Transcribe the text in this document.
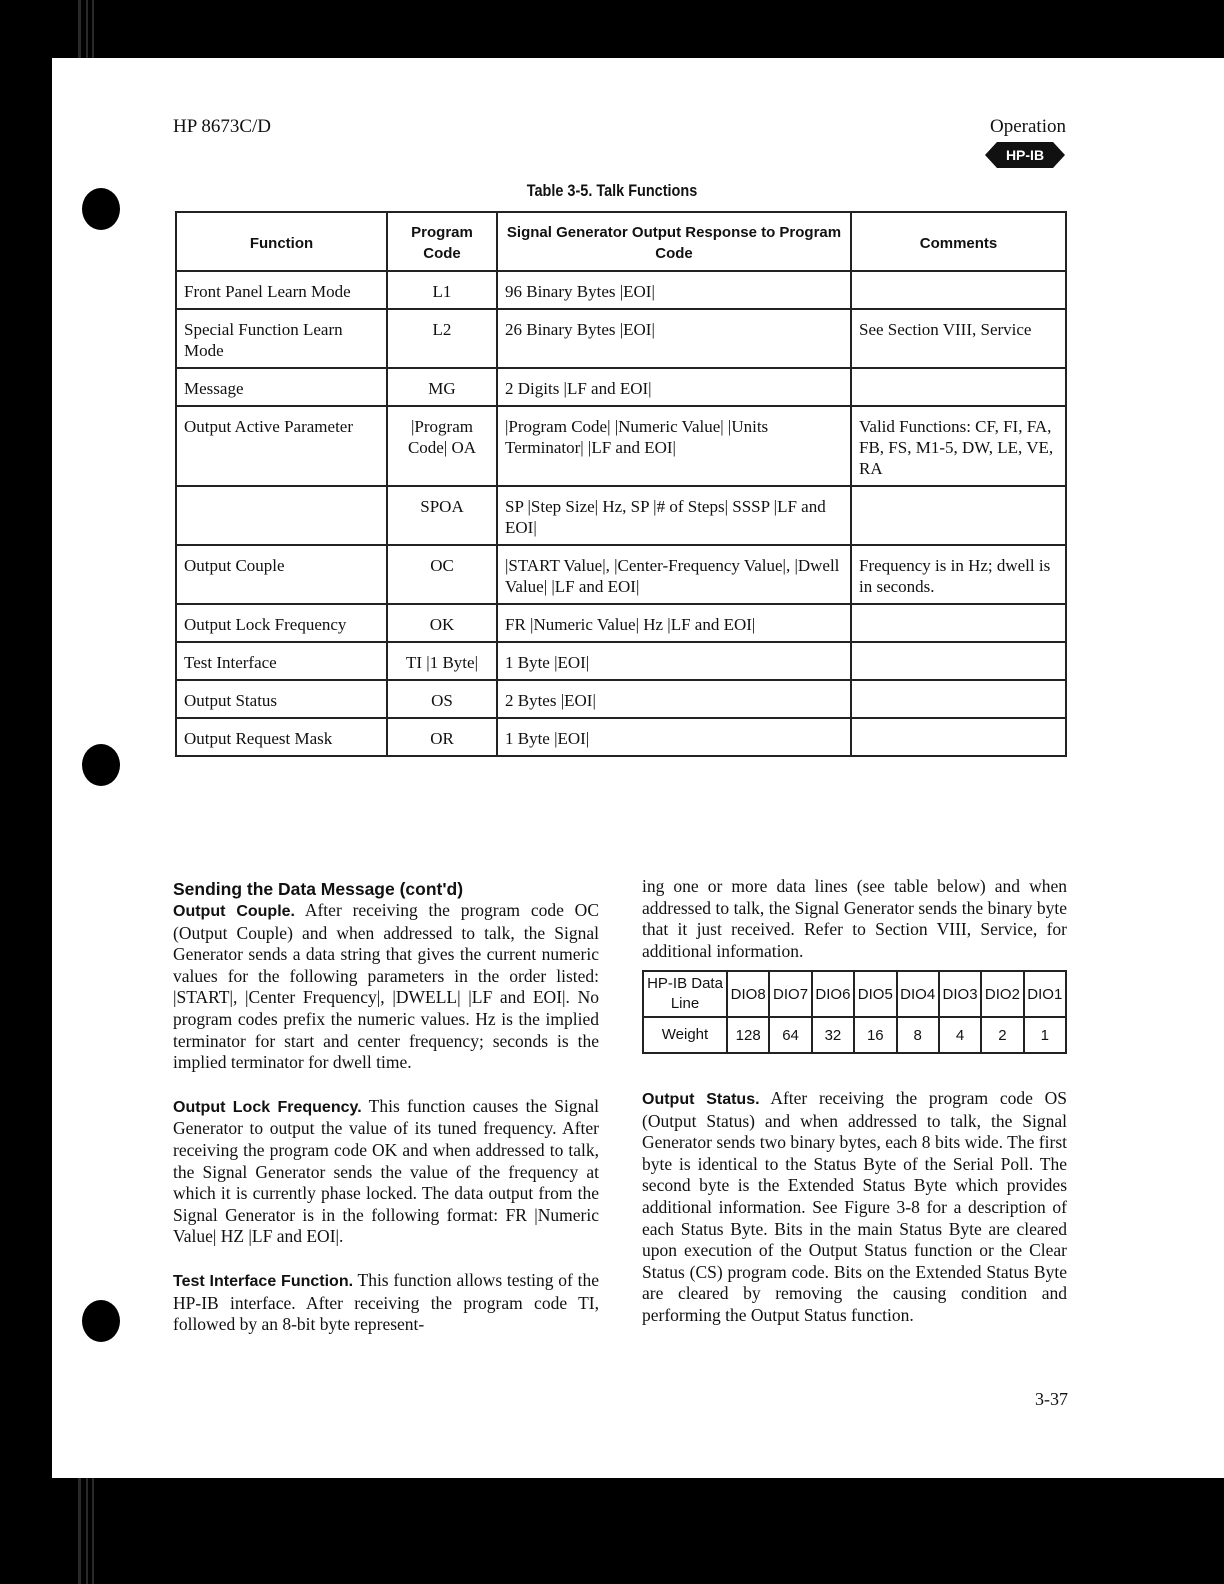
HP 8673C/D	Operation
HP-IB
Table 3-5. Talk Functions
Function	Program Code	Signal Generator Output Response to Program Code	Comments
Front Panel Learn Mode	L1	96 Binary Bytes |EOI|	
Special Function Learn Mode	L2	26 Binary Bytes |EOI|	See Section VIII, Service
Message	MG	2 Digits |LF and EOI|	
Output Active Parameter	|Program Code| OA	|Program Code| |Numeric Value| |Units Terminator| |LF and EOI|	Valid Functions: CF, FI, FA, FB, FS, M1-5, DW, LE, VE, RA
	SPOA	SP |Step Size| Hz, SP |# of Steps| SSSP |LF and EOI|	
Output Couple	OC	|START Value|, |Center-Frequency Value|, |Dwell Value| |LF and EOI|	Frequency is in Hz; dwell is in seconds.
Output Lock Frequency	OK	FR |Numeric Value| Hz |LF and EOI|	
Test Interface	TI |1 Byte|	1 Byte |EOI|	
Output Status	OS	2 Bytes |EOI|	
Output Request Mask	OR	1 Byte |EOI|	
Sending the Data Message (cont'd)

Output Couple. After receiving the program code OC (Output Couple) and when addressed to talk, the Signal Generator sends a data string that gives the current numeric values for the following parameters in the order listed: |START|, |Center Frequency|, |DWELL| |LF and EOI|. No program codes prefix the numeric values. Hz is the implied terminator for start and center frequency; seconds is the implied terminator for dwell time.

Output Lock Frequency. This function causes the Signal Generator to output the value of its tuned frequency. After receiving the program code OK and when addressed to talk, the Signal Generator sends the value of the frequency at which it is currently phase locked. The data output from the Signal Generator is in the following format: FR |Numeric Value| HZ |LF and EOI|.

Test Interface Function. This function allows testing of the HP-IB interface. After receiving the program code TI, followed by an 8-bit byte represent-

ing one or more data lines (see table below) and when addressed to talk, the Signal Generator sends the binary byte that it just received. Refer to Section VIII, Service, for additional information.

HP-IB Data Line	DIO8	DIO7	DIO6	DIO5	DIO4	DIO3	DIO2	DIO1
Weight	128	64	32	16	8	4	2	1

Output Status. After receiving the program code OS (Output Status) and when addressed to talk, the Signal Generator sends two binary bytes, each 8 bits wide. The first byte is identical to the Status Byte of the Serial Poll. The second byte is the Extended Status Byte which provides additional information. See Figure 3-8 for a description of each Status Byte. Bits in the main Status Byte are cleared upon execution of the Output Status function or the Clear Status (CS) program code. Bits on the Extended Status Byte are cleared by removing the causing condition and performing the Output Status function.

3-37
